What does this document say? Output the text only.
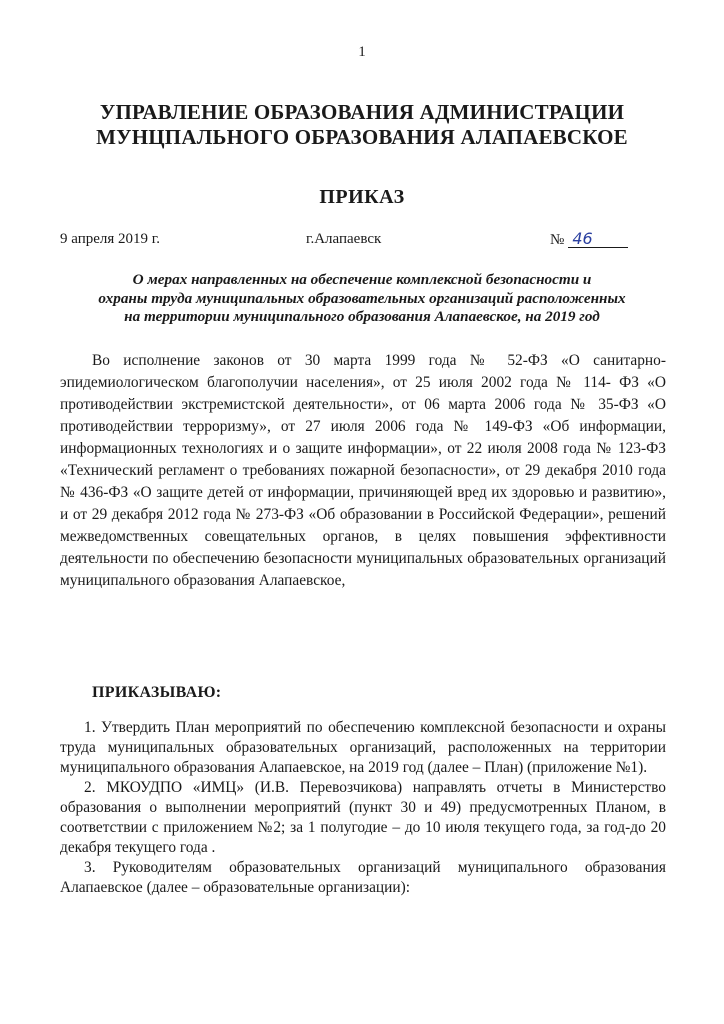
1
УПРАВЛЕНИЕ ОБРАЗОВАНИЯ АДМИНИСТРАЦИИ
МУНЦПАЛЬНОГО ОБРАЗОВАНИЯ АЛАПАЕВСКОЕ
ПРИКАЗ
9 апреля 2019 г.	г.Алапаевск	№ 46
О мерах направленных на обеспечение комплексной безопасности и
охраны труда муниципальных образовательных организаций расположенных
на территории муниципального образования Алапаевское, на 2019 год

Во исполнение законов от 30 марта 1999 года № 52-ФЗ «О санитарно-эпидемиологическом благополучии населения», от 25 июля 2002 года № 114- ФЗ «О противодействии экстремистской деятельности», от 06 марта 2006 года № 35-ФЗ «О противодействии терроризму», от 27 июля 2006 года № 149-ФЗ «Об информации, информационных технологиях и о защите информации», от 22 июля 2008 года № 123-ФЗ «Технический регламент о требованиях пожарной безопасности», от 29 декабря 2010 года № 436-ФЗ «О защите детей от информации, причиняющей вред их здоровью и развитию», и от 29 декабря 2012 года № 273-ФЗ «Об образовании в Российской Федерации», решений межведомственных совещательных органов, в целях повышения эффективности деятельности по обеспечению безопасности муниципальных образовательных организаций муниципального образования Алапаевское,

ПРИКАЗЫВАЮ:

1. Утвердить План мероприятий по обеспечению комплексной безопасности и охраны труда муниципальных образовательных организаций, расположенных на территории муниципального образования Алапаевское, на 2019 год (далее – План) (приложение №1).

2. МКОУДПО «ИМЦ» (И.В. Перевозчикова) направлять отчеты в Министерство образования о выполнении мероприятий (пункт 30 и 49) предусмотренных Планом, в соответствии с приложением №2; за 1 полугодие – до 10 июля текущего года, за год-до 20 декабря текущего года .

3. Руководителям образовательных организаций муниципального образования Алапаевское (далее – образовательные организации):
